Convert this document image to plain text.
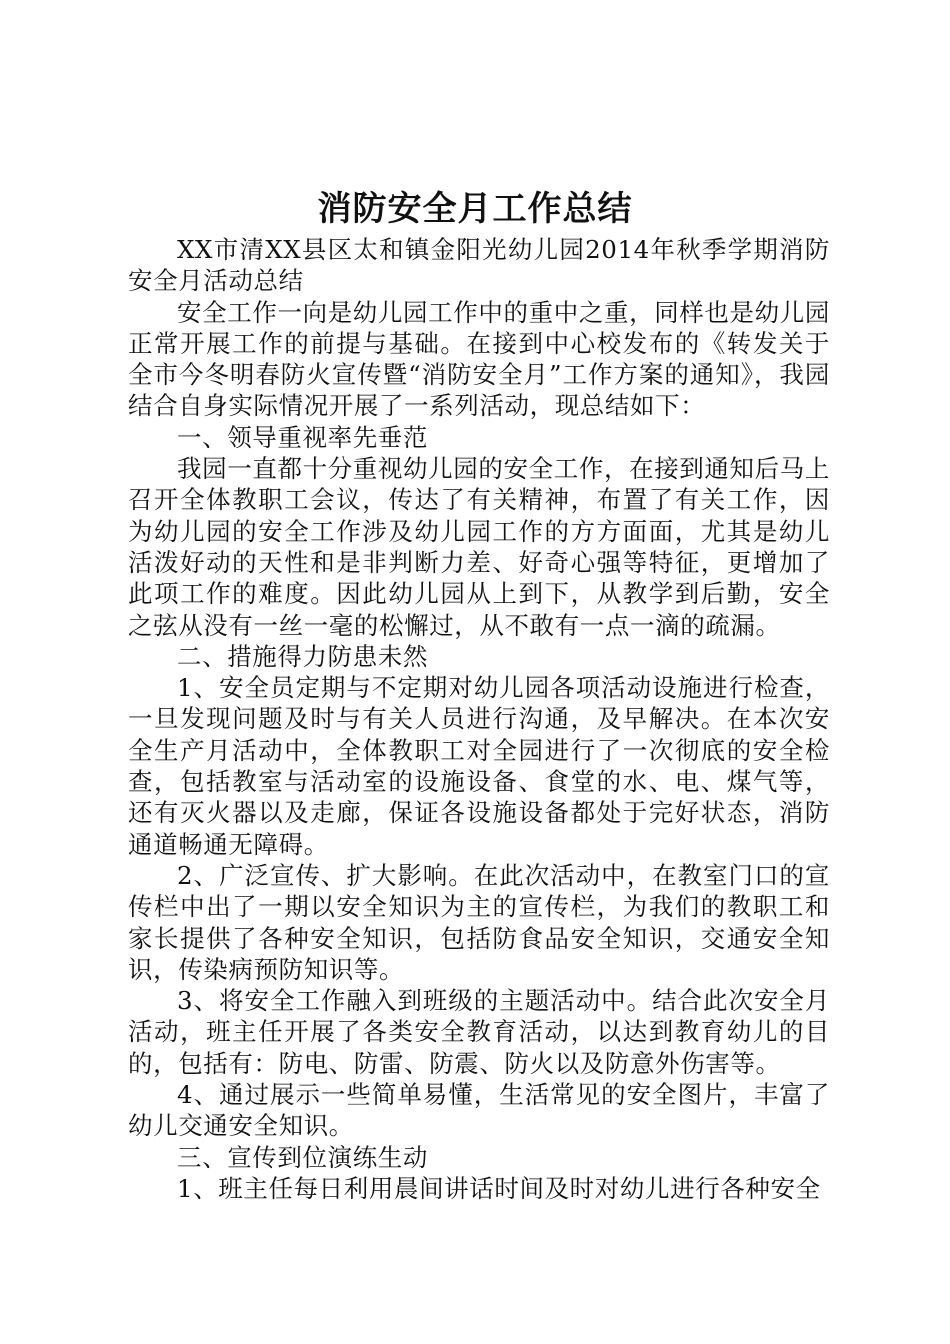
消防安全月工作总结

XX市清XX县区太和镇金阳光幼儿园2014年秋季学期消防安全月活动总结

安全工作一向是幼儿园工作中的重中之重，同样也是幼儿园正常开展工作的前提与基础。在接到中心校发布的《转发关于全市今冬明春防火宣传暨“消防安全月”工作方案的通知》，我园结合自身实际情况开展了一系列活动，现总结如下：

一、领导重视率先垂范

我园一直都十分重视幼儿园的安全工作，在接到通知后马上召开全体教职工会议，传达了有关精神，布置了有关工作，因为幼儿园的安全工作涉及幼儿园工作的方方面面，尤其是幼儿活泼好动的天性和是非判断力差、好奇心强等特征，更增加了此项工作的难度。因此幼儿园从上到下，从教学到后勤，安全之弦从没有一丝一毫的松懈过，从不敢有一点一滴的疏漏。

二、措施得力防患未然

1、安全员定期与不定期对幼儿园各项活动设施进行检查，一旦发现问题及时与有关人员进行沟通，及早解决。在本次安全生产月活动中，全体教职工对全园进行了一次彻底的安全检查，包括教室与活动室的设施设备、食堂的水、电、煤气等，还有灭火器以及走廊，保证各设施设备都处于完好状态，消防通道畅通无障碍。

2、广泛宣传、扩大影响。在此次活动中，在教室门口的宣传栏中出了一期以安全知识为主的宣传栏，为我们的教职工和家长提供了各种安全知识，包括防食品安全知识，交通安全知识，传染病预防知识等。

3、将安全工作融入到班级的主题活动中。结合此次安全月活动，班主任开展了各类安全教育活动，以达到教育幼儿的目的，包括有：防电、防雷、防震、防火以及防意外伤害等。

4、通过展示一些简单易懂，生活常见的安全图片，丰富了幼儿交通安全知识。

三、宣传到位演练生动

1、班主任每日利用晨间讲话时间及时对幼儿进行各种安全
